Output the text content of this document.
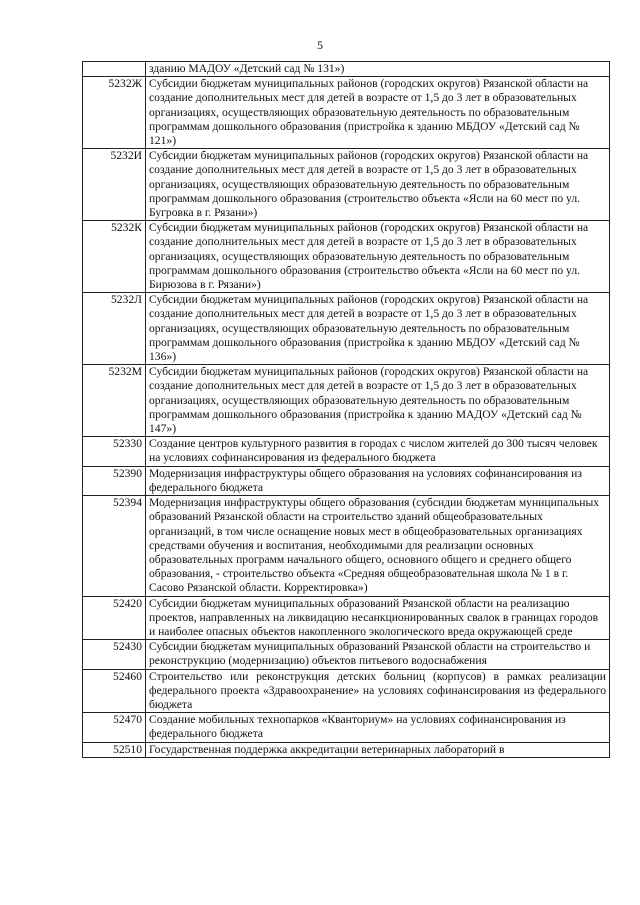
5
	зданию МАДОУ «Детский сад № 131»)
5232Ж	Субсидии бюджетам муниципальных районов (городских округов) Рязанской области на создание дополнительных мест для детей в возрасте от 1,5 до 3 лет в образовательных организациях, осуществляющих образовательную деятельность по образовательным программам дошкольного образования (пристройка к зданию МБДОУ «Детский сад № 121»)
5232И	Субсидии бюджетам муниципальных районов (городских округов) Рязанской области на создание дополнительных мест для детей в возрасте от 1,5 до 3 лет в образовательных организациях, осуществляющих образовательную деятельность по образовательным программам дошкольного образования (строительство объекта «Ясли на 60 мест по ул. Бугровка в г. Рязани»)
5232К	Субсидии бюджетам муниципальных районов (городских округов) Рязанской области на создание дополнительных мест для детей в возрасте от 1,5 до 3 лет в образовательных организациях, осуществляющих образовательную деятельность по образовательным программам дошкольного образования (строительство объекта «Ясли на 60 мест по ул. Бирюзова в г. Рязани»)
5232Л	Субсидии бюджетам муниципальных районов (городских округов) Рязанской области на создание дополнительных мест для детей в возрасте от 1,5 до 3 лет в образовательных организациях, осуществляющих образовательную деятельность по образовательным программам дошкольного образования (пристройка к зданию МБДОУ «Детский сад № 136»)
5232М	Субсидии бюджетам муниципальных районов (городских округов) Рязанской области на создание дополнительных мест для детей в возрасте от 1,5 до 3 лет в образовательных организациях, осуществляющих образовательную деятельность по образовательным программам дошкольного образования (пристройка к зданию МАДОУ «Детский сад № 147»)
52330	Создание центров культурного развития в городах с числом жителей до 300 тысяч человек на условиях софинансирования из федерального бюджета
52390	Модернизация инфраструктуры общего образования на условиях софинансирования из федерального бюджета
52394	Модернизация инфраструктуры общего образования (субсидии бюджетам муниципальных образований Рязанской области на строительство зданий общеобразовательных организаций, в том числе оснащение новых мест в общеобразовательных организациях средствами обучения и воспитания, необходимыми для реализации основных образовательных программ начального общего, основного общего и среднего общего образования, - строительство объекта «Средняя общеобразовательная школа № 1 в г. Сасово Рязанской области. Корректировка»)
52420	Субсидии бюджетам муниципальных образований Рязанской области на реализацию проектов, направленных на ликвидацию несанкционированных свалок в границах городов и наиболее опасных объектов накопленного экологического вреда окружающей среде
52430	Субсидии бюджетам муниципальных образований Рязанской области на строительство и реконструкцию (модернизацию) объектов питьевого водоснабжения
52460	Строительство или реконструкция детских больниц (корпусов) в рамках реализации федерального проекта «Здравоохранение» на условиях софинансирования из федерального бюджета
52470	Создание мобильных технопарков «Кванториум» на условиях софинансирования из федерального бюджета
52510	Государственная поддержка аккредитации ветеринарных лабораторий в
